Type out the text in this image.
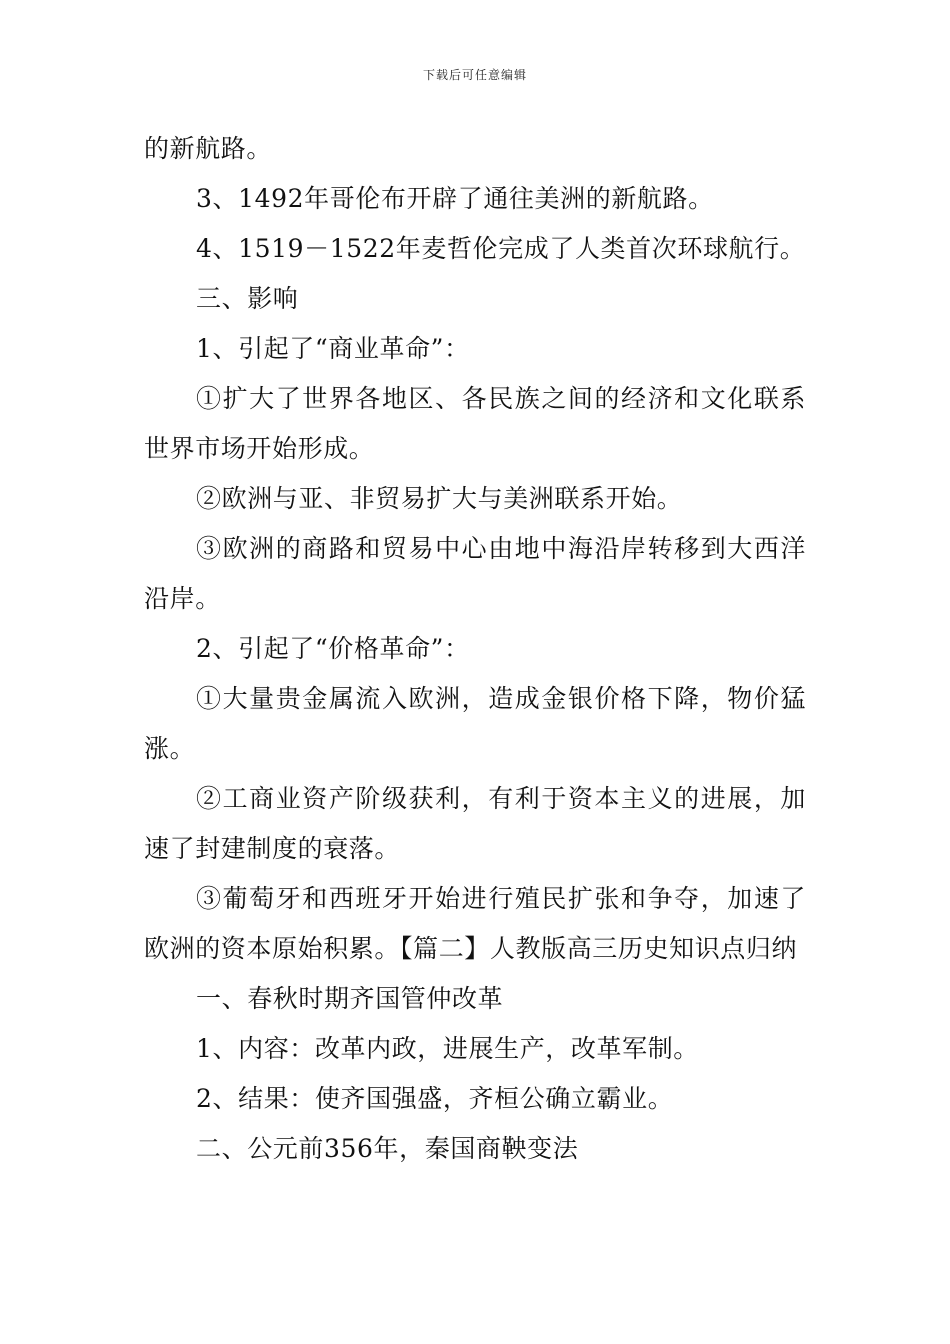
下载后可任意编辑

的新航路。

3、1492年哥伦布开辟了通往美洲的新航路。

4、1519－1522年麦哲伦完成了人类首次环球航行。

三、影响

1、引起了“商业革命”：

①扩大了世界各地区、各民族之间的经济和文化联系世界市场开始形成。

②欧洲与亚、非贸易扩大与美洲联系开始。

③欧洲的商路和贸易中心由地中海沿岸转移到大西洋沿岸。

2、引起了“价格革命”：

①大量贵金属流入欧洲，造成金银价格下降，物价猛涨。

②工商业资产阶级获利，有利于资本主义的进展，加速了封建制度的衰落。

③葡萄牙和西班牙开始进行殖民扩张和争夺，加速了欧洲的资本原始积累。【篇二】人教版高三历史知识点归纳

一、春秋时期齐国管仲改革

1、内容：改革内政，进展生产，改革军制。

2、结果：使齐国强盛，齐桓公确立霸业。

二、公元前356年，秦国商鞅变法
